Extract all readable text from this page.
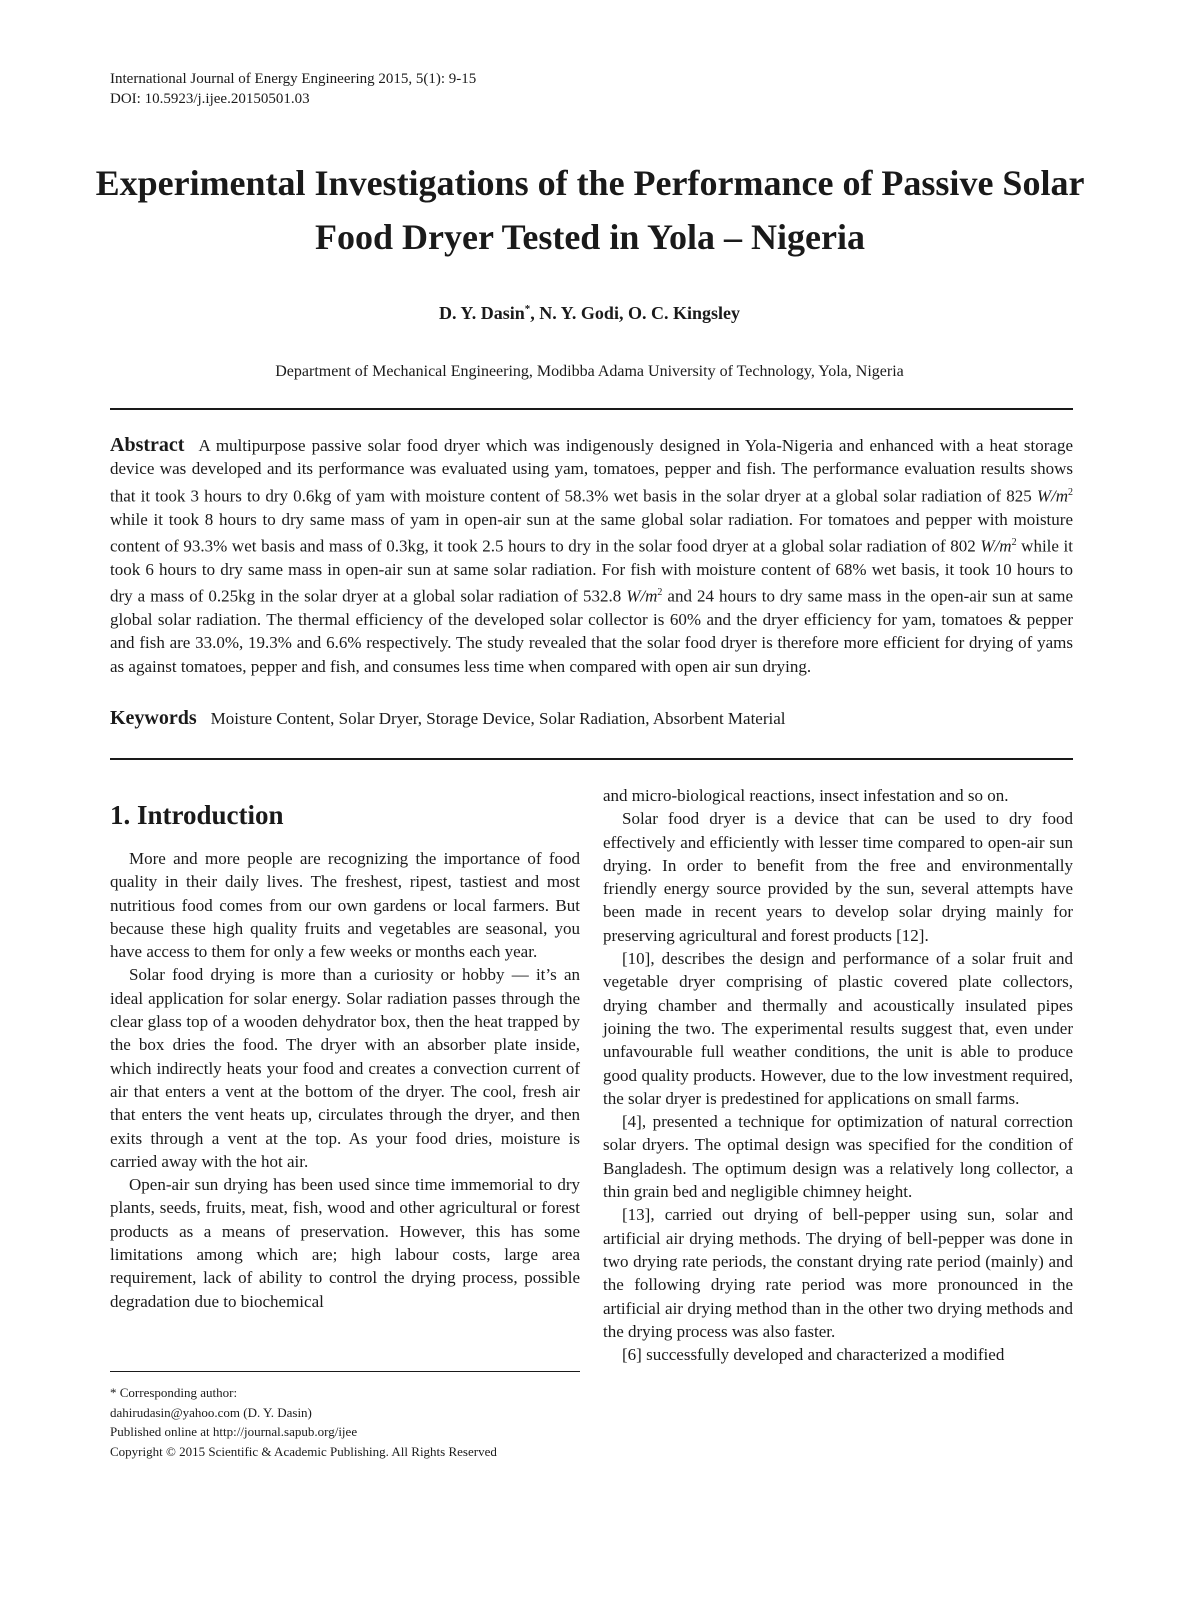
International Journal of Energy Engineering 2015, 5(1): 9-15
DOI: 10.5923/j.ijee.20150501.03
Experimental Investigations of the Performance of Passive Solar Food Dryer Tested in Yola – Nigeria
D. Y. Dasin*, N. Y. Godi, O. C. Kingsley
Department of Mechanical Engineering, Modibba Adama University of Technology, Yola, Nigeria
Abstract A multipurpose passive solar food dryer which was indigenously designed in Yola-Nigeria and enhanced with a heat storage device was developed and its performance was evaluated using yam, tomatoes, pepper and fish. The performance evaluation results shows that it took 3 hours to dry 0.6kg of yam with moisture content of 58.3% wet basis in the solar dryer at a global solar radiation of 825 $W/m^2$ while it took 8 hours to dry same mass of yam in open-air sun at the same global solar radiation. For tomatoes and pepper with moisture content of 93.3% wet basis and mass of 0.3kg, it took 2.5 hours to dry in the solar food dryer at a global solar radiation of 802 $W/m^2$ while it took 6 hours to dry same mass in open-air sun at same solar radiation. For fish with moisture content of 68% wet basis, it took 10 hours to dry a mass of 0.25kg in the solar dryer at a global solar radiation of 532.8 $W/m^2$ and 24 hours to dry same mass in the open-air sun at same global solar radiation. The thermal efficiency of the developed solar collector is 60% and the dryer efficiency for yam, tomatoes & pepper and fish are 33.0%, 19.3% and 6.6% respectively. The study revealed that the solar food dryer is therefore more efficient for drying of yams as against tomatoes, pepper and fish, and consumes less time when compared with open air sun drying.
Keywords Moisture Content, Solar Dryer, Storage Device, Solar Radiation, Absorbent Material
1. Introduction

More and more people are recognizing the importance of food quality in their daily lives. The freshest, ripest, tastiest and most nutritious food comes from our own gardens or local farmers. But because these high quality fruits and vegetables are seasonal, you have access to them for only a few weeks or months each year.

Solar food drying is more than a curiosity or hobby — it’s an ideal application for solar energy. Solar radiation passes through the clear glass top of a wooden dehydrator box, then the heat trapped by the box dries the food. The dryer with an absorber plate inside, which indirectly heats your food and creates a convection current of air that enters a vent at the bottom of the dryer. The cool, fresh air that enters the vent heats up, circulates through the dryer, and then exits through a vent at the top. As your food dries, moisture is carried away with the hot air.

Open-air sun drying has been used since time immemorial to dry plants, seeds, fruits, meat, fish, wood and other agricultural or forest products as a means of preservation. However, this has some limitations among which are; high labour costs, large area requirement, lack of ability to control the drying process, possible degradation due to biochemical

* Corresponding author:
dahirudasin@yahoo.com (D. Y. Dasin)
Published online at http://journal.sapub.org/ijee
Copyright © 2015 Scientific & Academic Publishing. All Rights Reserved

and micro-biological reactions, insect infestation and so on.

Solar food dryer is a device that can be used to dry food effectively and efficiently with lesser time compared to open-air sun drying. In order to benefit from the free and environmentally friendly energy source provided by the sun, several attempts have been made in recent years to develop solar drying mainly for preserving agricultural and forest products [12].

[10], describes the design and performance of a solar fruit and vegetable dryer comprising of plastic covered plate collectors, drying chamber and thermally and acoustically insulated pipes joining the two. The experimental results suggest that, even under unfavourable full weather conditions, the unit is able to produce good quality products. However, due to the low investment required, the solar dryer is predestined for applications on small farms.

[4], presented a technique for optimization of natural correction solar dryers. The optimal design was specified for the condition of Bangladesh. The optimum design was a relatively long collector, a thin grain bed and negligible chimney height.

[13], carried out drying of bell-pepper using sun, solar and artificial air drying methods. The drying of bell-pepper was done in two drying rate periods, the constant drying rate period (mainly) and the following drying rate period was more pronounced in the artificial air drying method than in the other two drying methods and the drying process was also faster.

[6] successfully developed and characterized a modified
